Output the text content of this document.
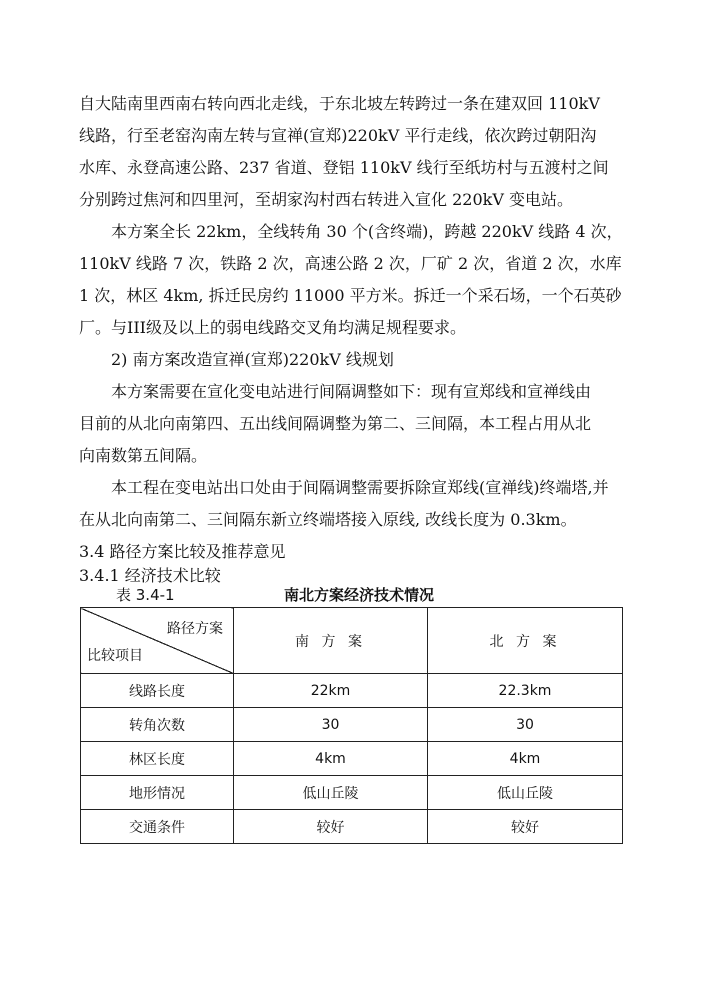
自大陆南里西南右转向西北走线，于东北坡左转跨过一条在建双回 110kV
线路，行至老窑沟南左转与宣禅(宣郑)220kV 平行走线，依次跨过朝阳沟
水库、永登高速公路、237 省道、登铝 110kV 线行至纸坊村与五渡村之间
分别跨过焦河和四里河，至胡家沟村西右转进入宣化 220kV 变电站。
本方案全长 22km，全线转角 30 个(含终端)，跨越 220kV 线路 4 次，
110kV 线路 7 次，铁路 2 次，高速公路 2 次，厂矿 2 次，省道 2 次，水库
1 次，林区 4km, 拆迁民房约 11000 平方米。拆迁一个采石场，一个石英砂
厂。与III级及以上的弱电线路交叉角均满足规程要求。
2) 南方案改造宣禅(宣郑)220kV 线规划
本方案需要在宣化变电站进行间隔调整如下：现有宣郑线和宣禅线由
目前的从北向南第四、五出线间隔调整为第二、三间隔，本工程占用从北
向南数第五间隔。
本工程在变电站出口处由于间隔调整需要拆除宣郑线(宣禅线)终端塔,并
在从北向南第二、三间隔东新立终端塔接入原线, 改线长度为 0.3km。
3.4 路径方案比较及推荐意见
3.4.1 经济技术比较
表 3.4-1	南北方案经济技术情况
路径方案
比较项目	南 方 案	北 方 案
线路长度	22km	22.3km
转角次数	30	30
林区长度	4km	4km
地形情况	低山丘陵	低山丘陵
交通条件	较好	较好
